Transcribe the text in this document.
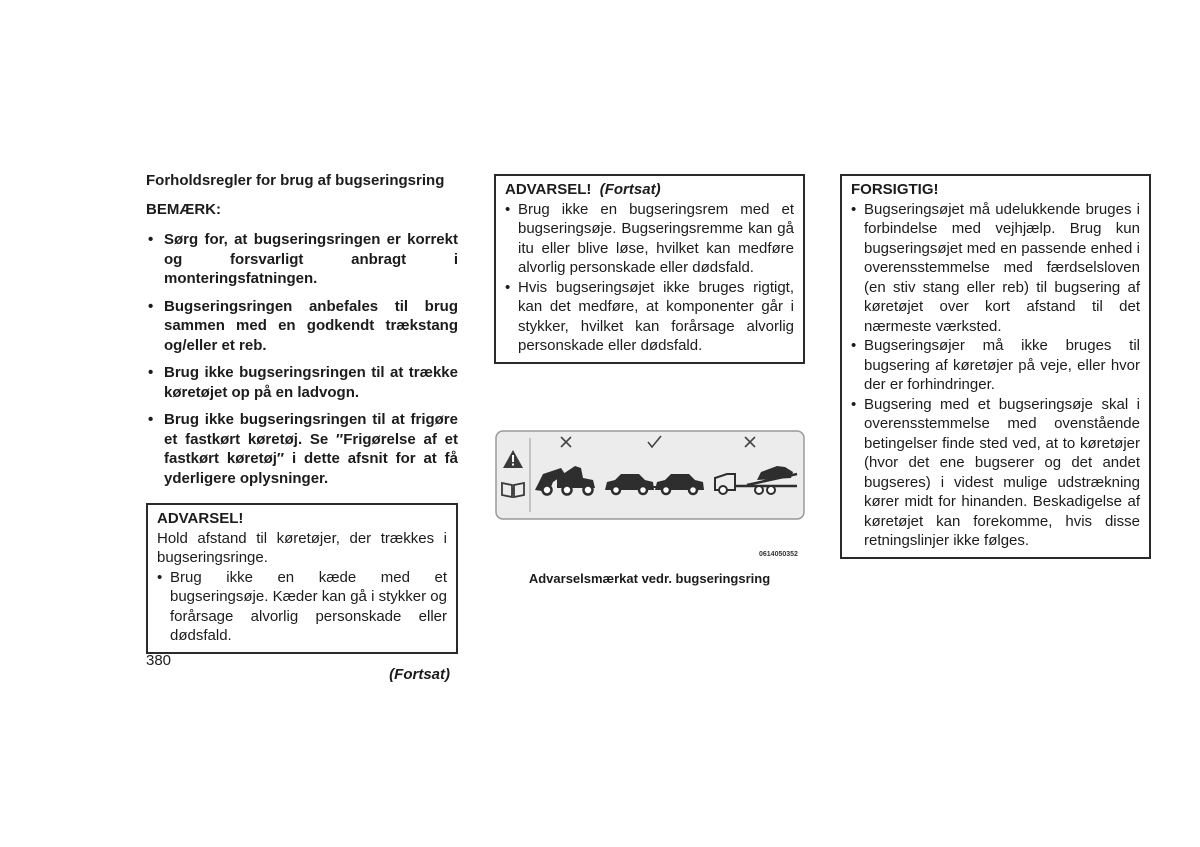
Forholdsregler for brug af bugseringsring

BEMÆRK:

• Sørg for, at bugseringsringen er korrekt og forsvarligt anbragt i monteringsfatningen.
• Bugseringsringen anbefales til brug sammen med en godkendt trækstang og/eller et reb.
• Brug ikke bugseringsringen til at trække køretøjet op på en ladvogn.
• Brug ikke bugseringsringen til at frigøre et fastkørt køretøj. Se ″Frigørelse af et fastkørt køretøj″ i dette afsnit for at få yderligere oplysninger.

ADVARSEL!

Hold afstand til køretøjer, der trækkes i bugseringsringe.

• Brug ikke en kæde med et bugseringsøje. Kæder kan gå i stykker og forårsage alvorlig personskade eller dødsfald.
(Fortsat)

ADVARSEL! (Fortsat)

• Brug ikke en bugseringsrem med et bugseringsøje. Bugseringsremme kan gå itu eller blive løse, hvilket kan medføre alvorlig personskade eller dødsfald.
• Hvis bugseringsøjet ikke bruges rigtigt, kan det medføre, at komponenter går i stykker, hvilket kan forårsage alvorlig personskade eller dødsfald.
i
0614050352
Advarselsmærkat vedr. bugseringsring

FORSIGTIG!

• Bugseringsøjet må udelukkende bruges i forbindelse med vejhjælp. Brug kun bugseringsøjet med en passende enhed i overensstemmelse med færdselsloven (en stiv stang eller reb) til bugsering af køretøjet over kort afstand til det nærmeste værksted.
• Bugseringsøjer må ikke bruges til bugsering af køretøjer på veje, eller hvor der er forhindringer.
• Bugsering med et bugseringsøje skal i overensstemmelse med ovenstående betingelser finde sted ved, at to køretøjer (hvor det ene bugserer og det andet bugseres) i videst mulige udstrækning kører midt for hinanden. Beskadigelse af køretøjet kan forekomme, hvis disse retningslinjer ikke følges.
380
